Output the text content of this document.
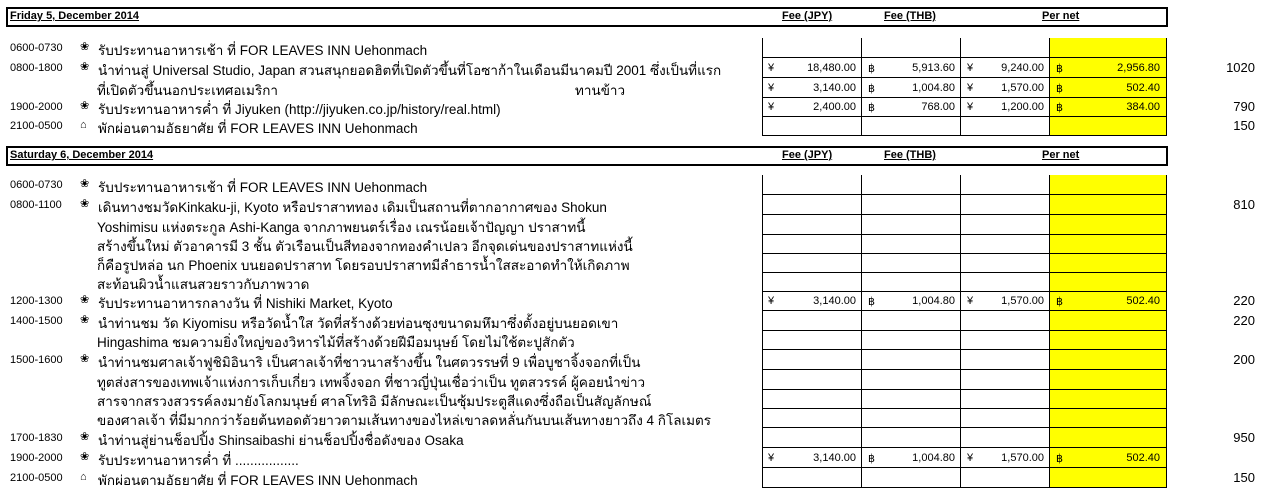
Friday 5, December 2014	Fee (JPY)	Fee (THB)	Per net
0600-0730 ❀ รับประทานอาหารเช้า ที่ FOR LEAVES INN Uehonmach
0800-1800 ❀ นำท่านสู่ Universal Studio, Japan สวนสนุกยอดฮิตที่เปิดตัวขึ้นที่โอซาก้าในเดือนมีนาคมปี 2001 ซึ่งเป็นที่แรก	¥	18,480.00 ฿	5,913.60 ¥	9,240.00 ฿	2,956.80	1020
ที่เปิดตัวขึ้นนอกประเทศอเมริกา	ทานข้าว	¥	3,140.00 ฿	1,004.80 ¥	1,570.00 ฿	502.40
1900-2000 ❀ รับประทานอาหารค่ำ ที่ Jiyuken (http://jiyuken.co.jp/history/real.html)	¥	2,400.00 ฿	768.00 ¥	1,200.00 ฿	384.00	790
2100-0500 ⌂ พักผ่อนตามอัธยาศัย ที่ FOR LEAVES INN Uehonmach	150
Saturday 6, December 2014	Fee (JPY)	Fee (THB)	Per net
0600-0730 ❀ รับประทานอาหารเช้า ที่ FOR LEAVES INN Uehonmach
0800-1100 ❀ เดินทางชมวัดKinkaku-ji, Kyoto หรือปราสาททอง เดิมเป็นสถานที่ตากอากาศของ Shokun	810
Yoshimisu แห่งตระกูล Ashi-Kanga จากภาพยนตร์เรื่อง เณรน้อยเจ้าปัญญา ปราสาทนี้
สร้างขึ้นใหม่ ตัวอาคารมี 3 ชั้น ตัวเรือนเป็นสีทองจากทองคำเปลว อีกจุดเด่นของปราสาทแห่งนี้
ก็คือรูปหล่อ นก Phoenix บนยอดปราสาท โดยรอบปราสาทมีลำธารน้ำใสสะอาดทำให้เกิดภาพ
สะท้อนผิวน้ำแสนสวยราวกับภาพวาด
1200-1300 ❀ รับประทานอาหารกลางวัน ที่ Nishiki Market, Kyoto	¥	3,140.00 ฿	1,004.80 ¥	1,570.00 ฿	502.40	220
1400-1500 ❀ นำท่านชม วัด Kiyomisu หรือวัดน้ำใส วัดที่สร้างด้วยท่อนซุงขนาดมหึมาซึ่งตั้งอยู่บนยอดเขา	220
Hingashima ชมความยิ่งใหญ่ของวิหารไม้ที่สร้างด้วยฝีมือมนุษย์ โดยไม่ใช้ตะปูสักตัว
1500-1600 ❀ นำท่านชมศาลเจ้าฟูชิมิอินาริ เป็นศาลเจ้าที่ชาวนาสร้างขึ้น ในศตวรรษที่ 9 เพื่อบูชาจิ้งจอกที่เป็น	200
ทูตส่งสารของเทพเจ้าแห่งการเก็บเกี่ยว เทพจิ้งจอก ที่ชาวญี่ปุ่นเชื่อว่าเป็น ทูตสวรรค์ ผู้คอยนำข่าว
สารจากสรวงสวรรค์ลงมายังโลกมนุษย์ ศาลโทริอิ มีลักษณะเป็นซุ้มประตูสีแดงซึ่งถือเป็นสัญลักษณ์
ของศาลเจ้า ที่มีมากกว่าร้อยต้นทอดตัวยาวตามเส้นทางของไหล่เขาลดหลั่นกันบนเส้นทางยาวถึง 4 กิโลเมตร
1700-1830 ❀ นำท่านสู่ย่านช็อปปิ้ง Shinsaibashi ย่านช็อปปิ้งชื่อดังของ Osaka	950
1900-2000 ❀ รับประทานอาหารค่ำ ที่ .................	¥	3,140.00 ฿	1,004.80 ¥	1,570.00 ฿	502.40
2100-0500 ⌂ พักผ่อนตามอัธยาศัย ที่ FOR LEAVES INN Uehonmach	150
